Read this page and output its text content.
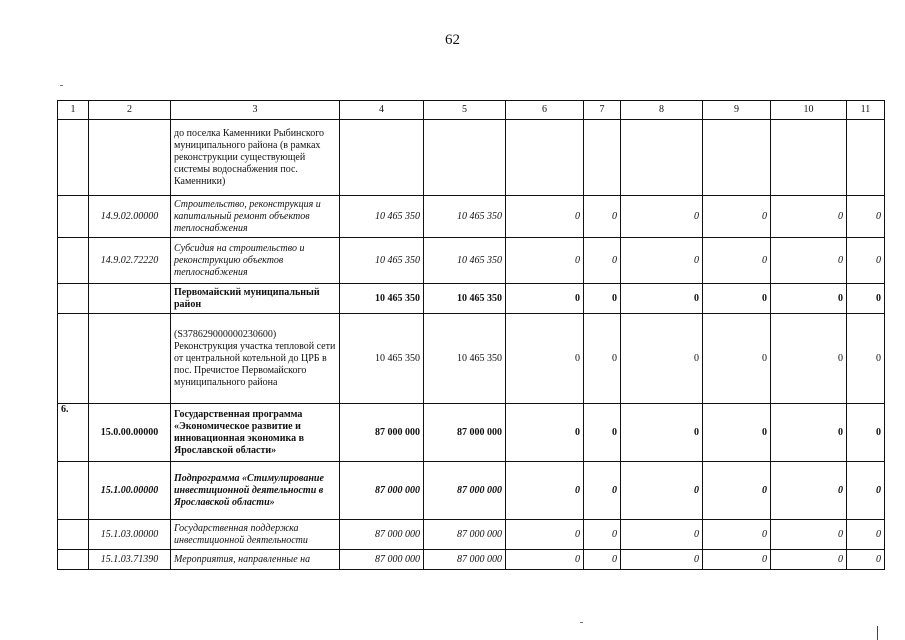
62
1	2	3	4	5	6	7	8	9	10	11
		до поселка Каменники Рыбинского муниципального района (в рамках реконструкции существующей системы водоснабжения пос. Каменники)								
	14.9.02.00000	Строительство, реконструкция и капитальный ремонт объектов теплоснабжения	10 465 350	10 465 350	0	0	0	0	0	0
	14.9.02.72220	Субсидия на строительство и реконструкцию объектов теплоснабжения	10 465 350	10 465 350	0	0	0	0	0	0
		Первомайский муниципальный район	10 465 350	10 465 350	0	0	0	0	0	0
		(S378629000000230600) Реконструкция участка тепловой сети от центральной котельной до ЦРБ в пос. Пречистое Первомайского муниципального района	10 465 350	10 465 350	0	0	0	0	0	0
6.	15.0.00.00000	Государственная программа «Экономическое развитие и инновационная экономика в Ярославской области»	87 000 000	87 000 000	0	0	0	0	0	0
	15.1.00.00000	Подпрограмма «Стимулирование инвестиционной деятельности в Ярославской области»	87 000 000	87 000 000	0	0	0	0	0	0
	15.1.03.00000	Государственная поддержка инвестиционной деятельности	87 000 000	87 000 000	0	0	0	0	0	0
	15.1.03.71390	Мероприятия, направленные на	87 000 000	87 000 000	0	0	0	0	0	0
